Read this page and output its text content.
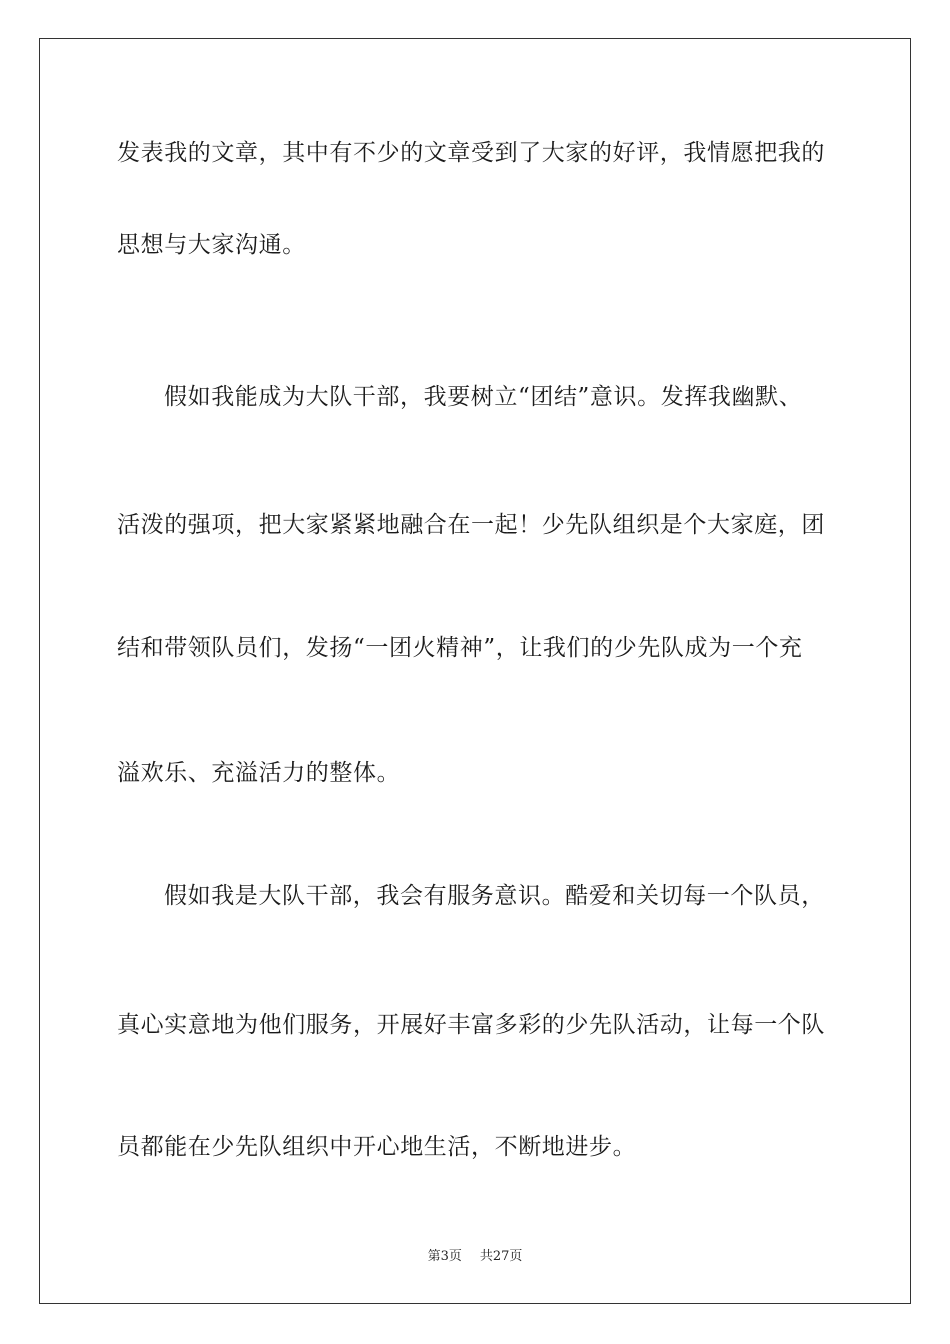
发表我的文章，其中有不少的文章受到了大家的好评，我情愿把我的
思想与大家沟通。
假如我能成为大队干部，我要树立“团结”意识。发挥我幽默、
活泼的强项，把大家紧紧地融合在一起！少先队组织是个大家庭，团
结和带领队员们，发扬“一团火精神”，让我们的少先队成为一个充
溢欢乐、充溢活力的整体。
假如我是大队干部，我会有服务意识。酷爱和关切每一个队员，
真心实意地为他们服务，开展好丰富多彩的少先队活动，让每一个队
员都能在少先队组织中开心地生活，不断地进步。
第3页 共27页
